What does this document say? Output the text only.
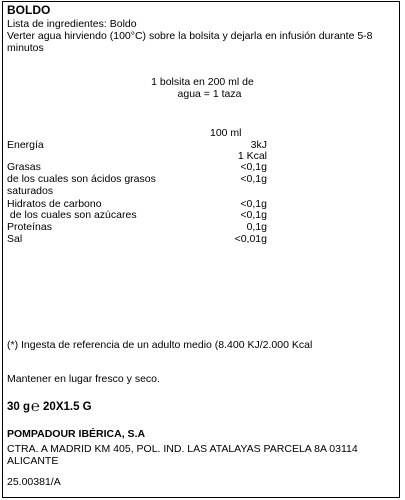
BOLDO
Lista de ingredientes: Boldo
Verter agua hirviendo (100°C) sobre la bolsita y dejarla en infusión durante 5-8 minutos
1 bolsita en 200 ml de
agua = 1 taza
100 ml
Energía	3kJ
1 Kcal
Grasas	<0,1g
de los cuales son ácidos grasos	<0,1g
saturados
Hidratos de carbono	<0,1g
de los cuales son azúcares	<0,1g
Proteínas	0,1g
Sal	<0,01g
(*) Ingesta de referencia de un adulto medio (8.400 KJ/2.000 Kcal
Mantener en lugar fresco y seco.
30 g ℮ 20X1.5 G
POMPADOUR IBÉRICA, S.A
CTRA. A MADRID KM 405, POL. IND. LAS ATALAYAS PARCELA 8A 03114 ALICANTE
25.00381/A
